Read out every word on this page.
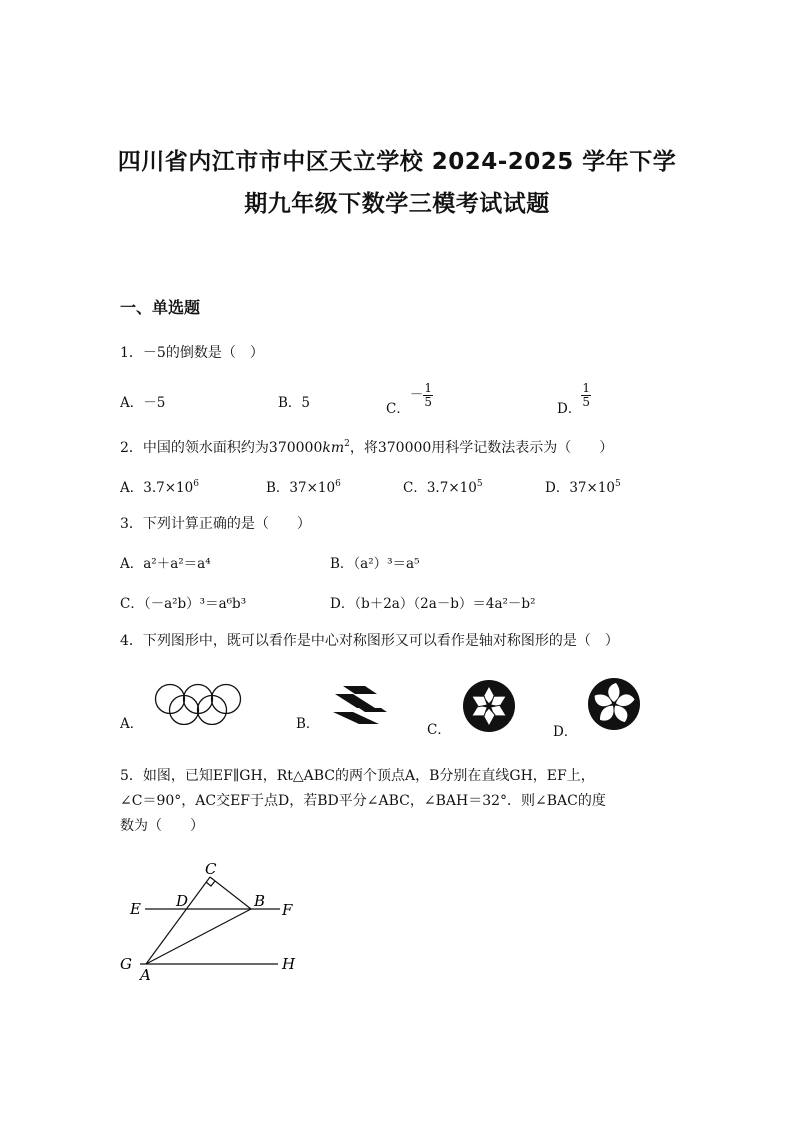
四川省内江市市中区天立学校 2024-2025 学年下学
期九年级下数学三模考试试题
一、单选题
1．－5的倒数是（　）
A．－5	B．5	C．－ $\frac{1}{5}$	D． $\frac{1}{5}$
2．中国的领水面积约为$370000km^2$，将370000用科学记数法表示为（　　）
A．$3.7\times 10^6$	B．$37\times 10^6$	C．$3.7\times 10^5$	D．$37\times 10^5$
3．下列计算正确的是（　　）
A．a²＋a²＝a⁴	B．（a²）³＝a⁵
C．（－a²b）³＝a⁶b³	D．（b＋2a）（2a－b）＝4a²－b²
4．下列图形中，既可以看作是中心对称图形又可以看作是轴对称图形的是（　）
A．	B．	C．	D．
5．如图，已知EF∥GH，Rt△ABC的两个顶点A，B分别在直线GH，EF上，
∠C＝90°，AC交EF于点D，若BD平分∠ABC，∠BAH＝32°．则∠BAC的度
数为（　　）
C
D	B
E	F
G
A
H
